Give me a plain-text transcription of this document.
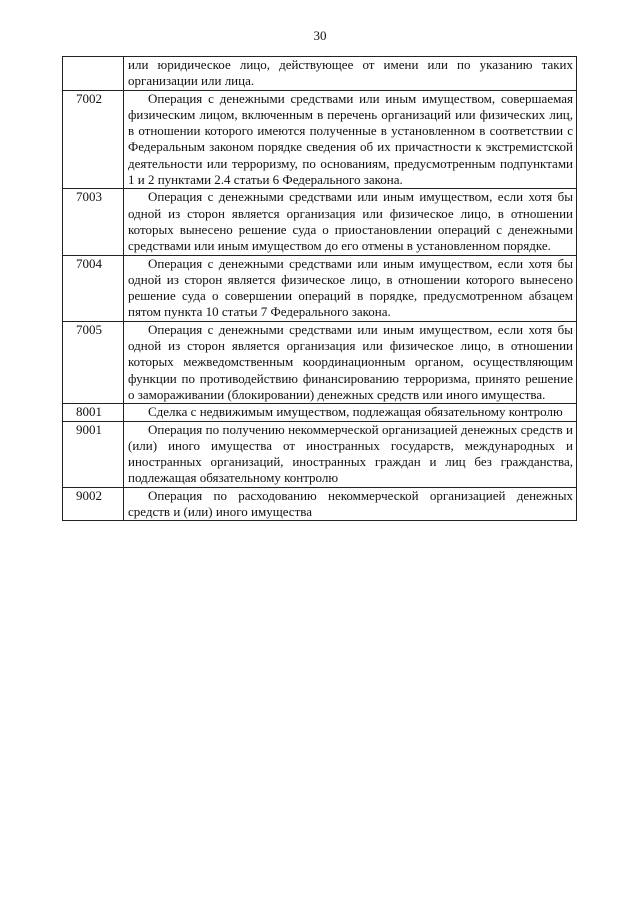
30

	или юридическое лицо, действующее от имени или по указанию таких организации или лица.

7002	Операция с денежными средствами или иным имуществом, совершаемая физическим лицом, включенным в перечень организаций или физических лиц, в отношении которого имеются полученные в установленном в соответствии с Федеральным законом порядке сведения об их причастности к экстремистской деятельности или терроризму, по основаниям, предусмотренным подпунктами 1 и 2 пунктами 2.4 статьи 6 Федерального закона.

7003	Операция с денежными средствами или иным имуществом, если хотя бы одной из сторон является организация или физическое лицо, в отношении которых вынесено решение суда о приостановлении операций с денежными средствами или иным имуществом до его отмены в установленном порядке.

7004	Операция с денежными средствами или иным имуществом, если хотя бы одной из сторон является физическое лицо, в отношении которого вынесено решение суда о совершении операций в порядке, предусмотренном абзацем пятом пункта 10 статьи 7 Федерального закона.

7005	Операция с денежными средствами или иным имуществом, если хотя бы одной из сторон является организация или физическое лицо, в отношении которых межведомственным координационным органом, осуществляющим функции по противодействию финансированию терроризма, принято решение о замораживании (блокировании) денежных средств или иного имущества.

8001	Сделка с недвижимым имуществом, подлежащая обязательному контролю

9001	Операция по получению некоммерческой организацией денежных средств и (или) иного имущества от иностранных государств, международных и иностранных организаций, иностранных граждан и лиц без гражданства, подлежащая обязательному контролю

9002	Операция по расходованию некоммерческой организацией денежных средств и (или) иного имущества
